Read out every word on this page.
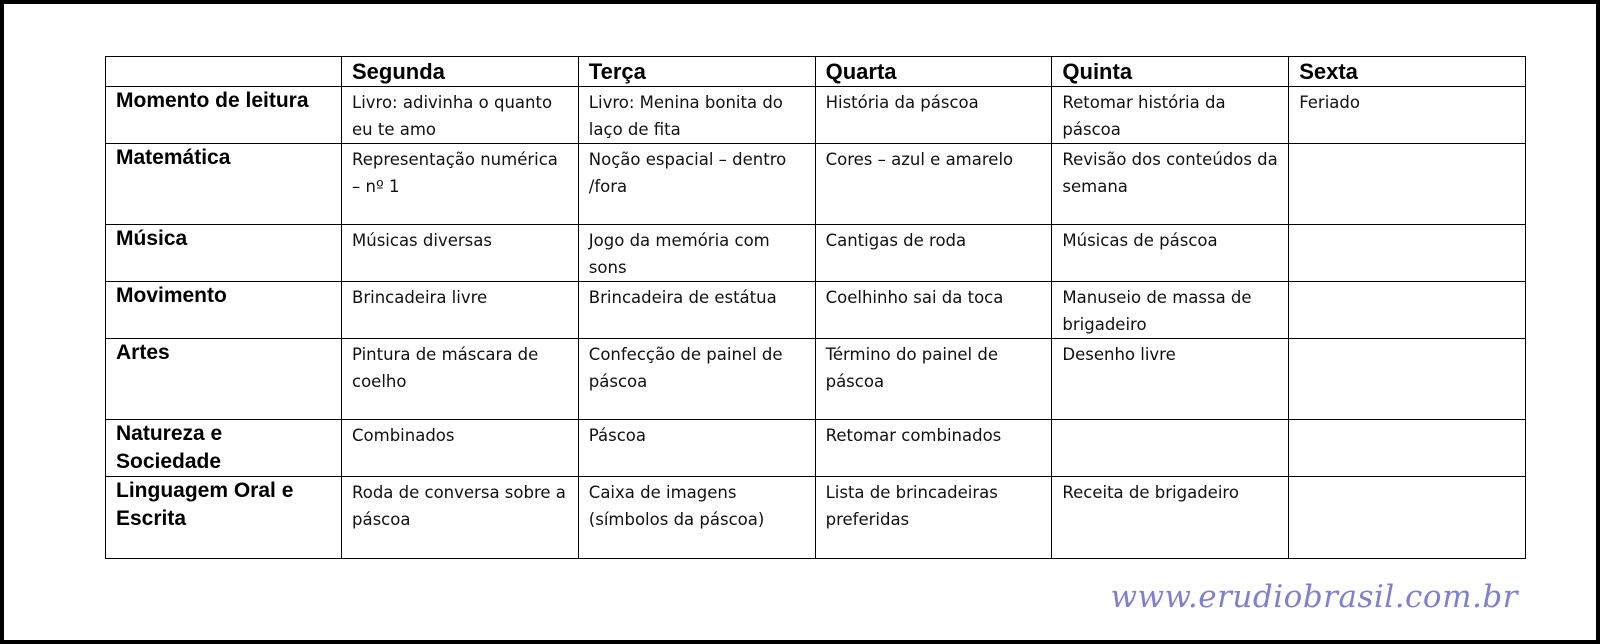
	Segunda	Terça	Quarta	Quinta	Sexta
Momento de leitura	Livro: adivinha o quanto eu te amo	Livro: Menina bonita do laço de fita	História da páscoa	Retomar história da páscoa	Feriado
Matemática	Representação numérica – nº 1	Noção espacial – dentro /fora	Cores – azul e amarelo	Revisão dos conteúdos da semana	
Música	Músicas diversas	Jogo da memória com sons	Cantigas de roda	Músicas de páscoa	
Movimento	Brincadeira livre	Brincadeira de estátua	Coelhinho sai da toca	Manuseio de massa de brigadeiro	
Artes	Pintura de máscara de coelho	Confecção de painel de páscoa	Término do painel de páscoa	Desenho livre	
Natureza e Sociedade	Combinados	Páscoa	Retomar combinados		
Linguagem Oral e Escrita	Roda de conversa sobre a páscoa	Caixa de imagens (símbolos da páscoa)	Lista de brincadeiras preferidas	Receita de brigadeiro	
www.erudiobrasil.com.br
